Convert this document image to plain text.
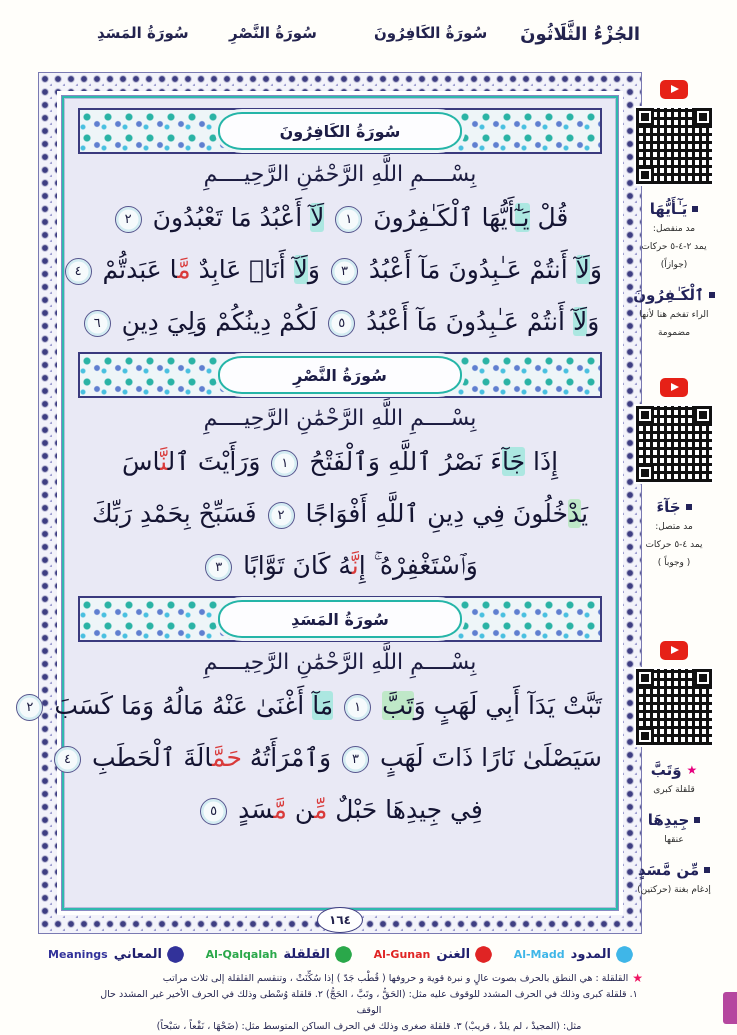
الجُزْءُ الثَّلَاثُونَ
سُورَةُ الكَافِرُونَ
سُورَةُ النَّصْرِ
سُورَةُ المَسَدِ
سُورَةُ الكَافِرُونَ
بِسْــــمِ اللَّهِ الرَّحْمَٰنِ الرَّحِيــــمِ
قُلْ يَـٰٓأَيُّهَا ٱلْكَـٰفِرُونَ ١ لَآ أَعْبُدُ مَا تَعْبُدُونَ ٢
وَلَآ أَنتُمْ عَـٰبِدُونَ مَآ أَعْبُدُ ٣ وَلَآ أَنَا۠ عَابِدٌ مَّا عَبَدتُّمْ ٤
وَلَآ أَنتُمْ عَـٰبِدُونَ مَآ أَعْبُدُ ٥ لَكُمْ دِينُكُمْ وَلِيَ دِينِ ٦
سُورَةُ النَّصْرِ
بِسْــــمِ اللَّهِ الرَّحْمَٰنِ الرَّحِيــــمِ
إِذَا جَآءَ نَصْرُ ٱللَّهِ وَٱلْفَتْحُ ١ وَرَأَيْتَ ٱلنَّاسَ
يَدْخُلُونَ فِي دِينِ ٱللَّهِ أَفْوَاجًا ٢ فَسَبِّحْ بِحَمْدِ رَبِّكَ
وَٱسْتَغْفِرْهُ ۚ إِنَّهُ كَانَ تَوَّابًا ٣
سُورَةُ المَسَدِ
بِسْــــمِ اللَّهِ الرَّحْمَٰنِ الرَّحِيــــمِ
تَبَّتْ يَدَآ أَبِي لَهَبٍ وَتَبَّ ١ مَآ أَغْنَىٰ عَنْهُ مَالُهُ وَمَا كَسَبَ ٢
سَيَصْلَىٰ نَارًا ذَاتَ لَهَبٍ ٣ وَٱمْرَأَتُهُ حَمَّالَةَ ٱلْحَطَبِ ٤
فِي جِيدِهَا حَبْلٌ مِّن مَّسَدٍ ٥
١٦٤
يَـٰٓأَيُّهَا
مد منفصل:
يمد ٢-٤-٥ حركات
(جوازاً)
ٱلْكَـٰفِرُونَ
الراء تفخم هنا لأنها
مضمومة
جَآءَ
مد متصل:
يمد ٤-٥ حركات
( وجوباً )
★
وَتَبَّ
قلقلة كبرى
جِيدِهَا
عنقها
مِّن مَّسَدٍ
إدغام بغنة (حركتين)
المدود
Al-Madd
الغنن
Al-Gunan
القلقلة
Al-Qalqalah
المعاني
Meanings
★القلقلة : هي النطق بالحرف بصوت عالٍ و نبرة قوية و حروفها ( قُطْب جَدّ ) إذا سُكِّنَتْ ، وتنقسم القلقلة إلى ثلاث مراتب
١. قلقلة كبرى وذلك في الحرف المشدد للوقوف عليه مثل: (الحَقُّ ، وتَبَّ ، الحَجُّ) ٢. قلقلة وُسْطى وذلك في الحرف الأخير غير المشدد حال الوقف
مثل: (المجيدْ ، لم يلدْ ، قريبْ) ٣. قلقلة صغرى وذلك في الحرف الساكن المتوسط مثل: (ضَحْهَا ، نَقْعاً ، سَبْحاً)
